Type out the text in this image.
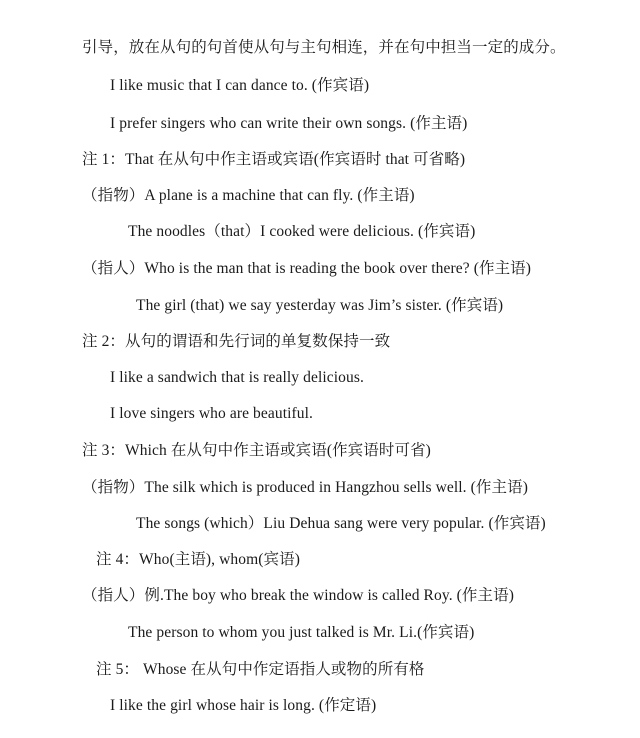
引导，放在从句的句首使从句与主句相连，并在句中担当一定的成分。
I like music that I can dance to. (作宾语)
I prefer singers who can write their own songs. (作主语)
注 1：That 在从句中作主语或宾语(作宾语时 that 可省略)
（指物）A plane is a machine that can fly. (作主语)
The noodles（that）I cooked were delicious. (作宾语)
（指人）Who is the man that is reading the book over there? (作主语)
The girl (that) we say yesterday was Jim’s sister. (作宾语)
注 2：从句的谓语和先行词的单复数保持一致
I like a sandwich that is really delicious.
I love singers who are beautiful.
注 3：Which 在从句中作主语或宾语(作宾语时可省)
（指物）The silk which is produced in Hangzhou sells well. (作主语)
The songs (which）Liu Dehua sang were very popular. (作宾语)
注 4：Who(主语), whom(宾语)
（指人）例.The boy who break the window is called Roy. (作主语)
The person to whom you just talked is Mr. Li.(作宾语)
注 5： Whose 在从句中作定语指人或物的所有格
I like the girl whose hair is long. (作定语)
